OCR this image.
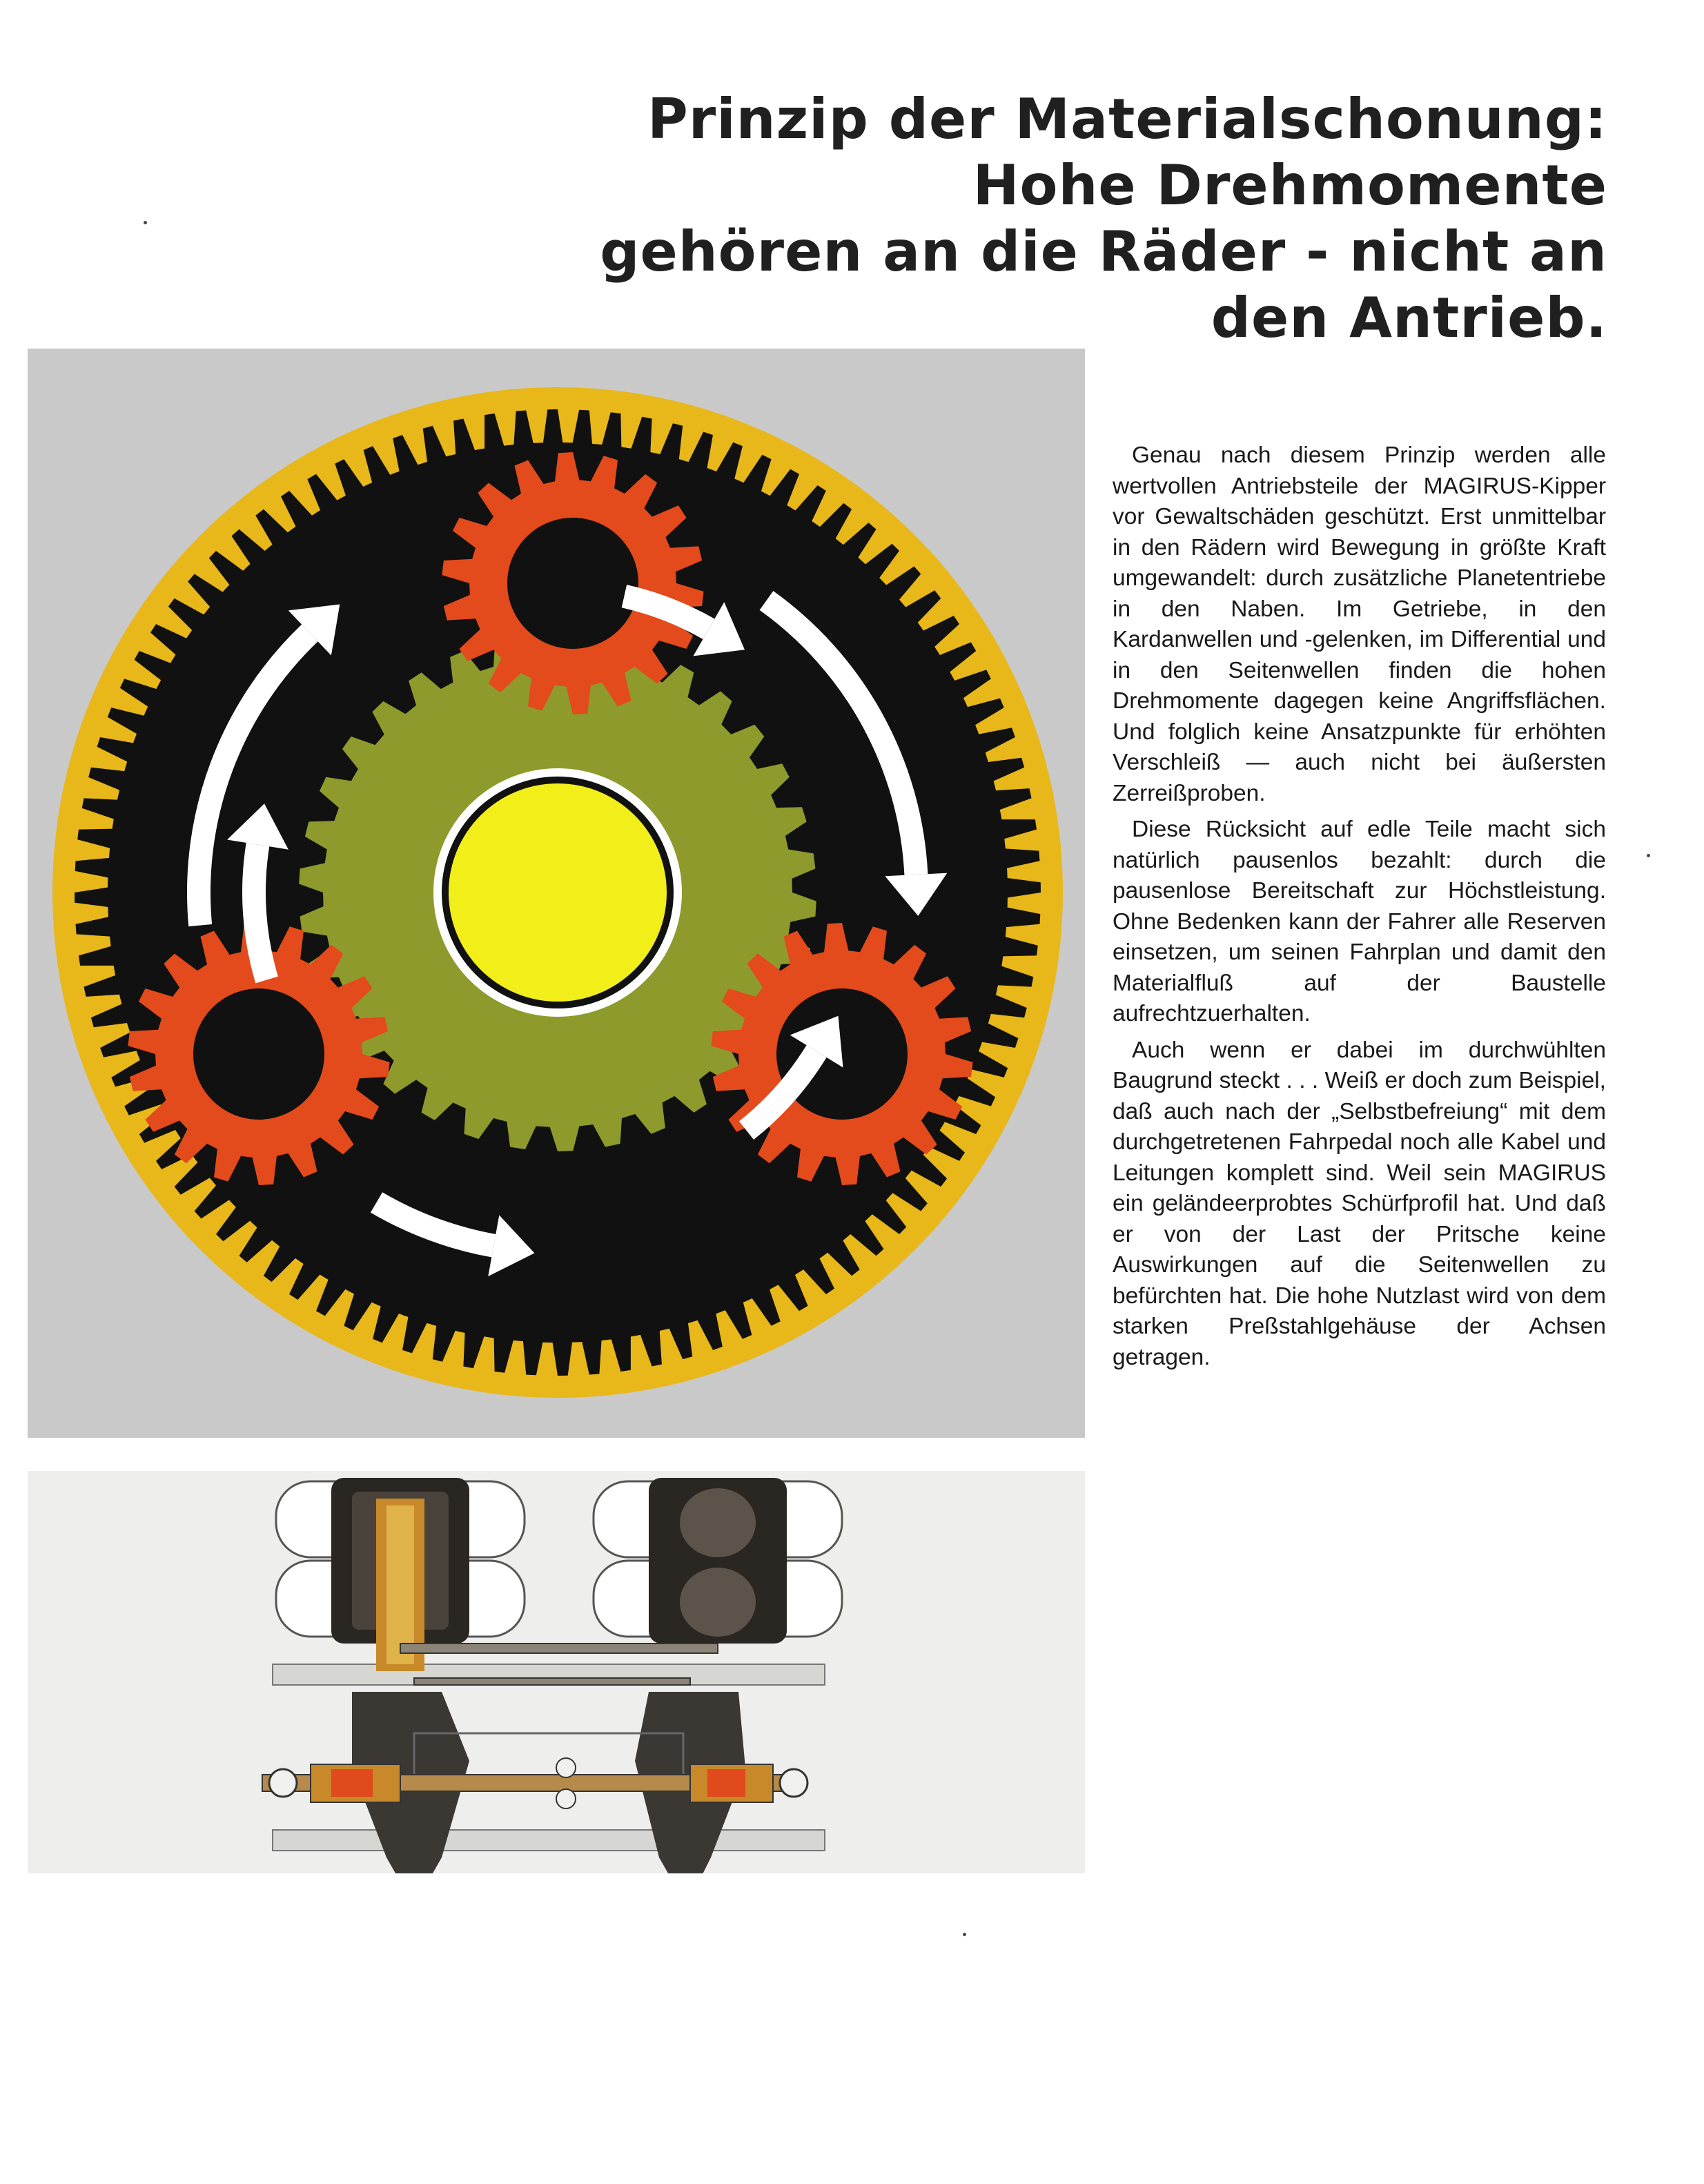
Prinzip der Materialschonung:
Hohe Drehmomente
gehören an die Räder - nicht an
den Antrieb.

Genau nach diesem Prinzip werden alle wertvollen Antriebsteile der MAGIRUS-Kipper vor Gewaltschäden geschützt. Erst unmittelbar in den Rädern wird Bewegung in größte Kraft umgewandelt: durch zusätzliche Planetentriebe in den Naben. Im Getriebe, in den Kardanwellen und -gelenken, im Differential und in den Seitenwellen finden die hohen Drehmomente dagegen keine Angriffsflächen. Und folglich keine Ansatzpunkte für erhöhten Verschleiß — auch nicht bei äußersten Zerreißproben.

Diese Rücksicht auf edle Teile macht sich natürlich pausenlos bezahlt: durch die pausenlose Bereitschaft zur Höchstleistung. Ohne Bedenken kann der Fahrer alle Reserven einsetzen, um seinen Fahrplan und damit den Materialfluß auf der Baustelle aufrechtzuerhalten.

Auch wenn er dabei im durchwühlten Baugrund steckt . . . Weiß er doch zum Beispiel, daß auch nach der „Selbstbefreiung“ mit dem durchgetretenen Fahrpedal noch alle Kabel und Leitungen komplett sind. Weil sein MAGIRUS ein geländeerprobtes Schürfprofil hat. Und daß er von der Last der Pritsche keine Auswirkungen auf die Seitenwellen zu befürchten hat. Die hohe Nutzlast wird von dem starken Preßstahlgehäuse der Achsen getragen.
